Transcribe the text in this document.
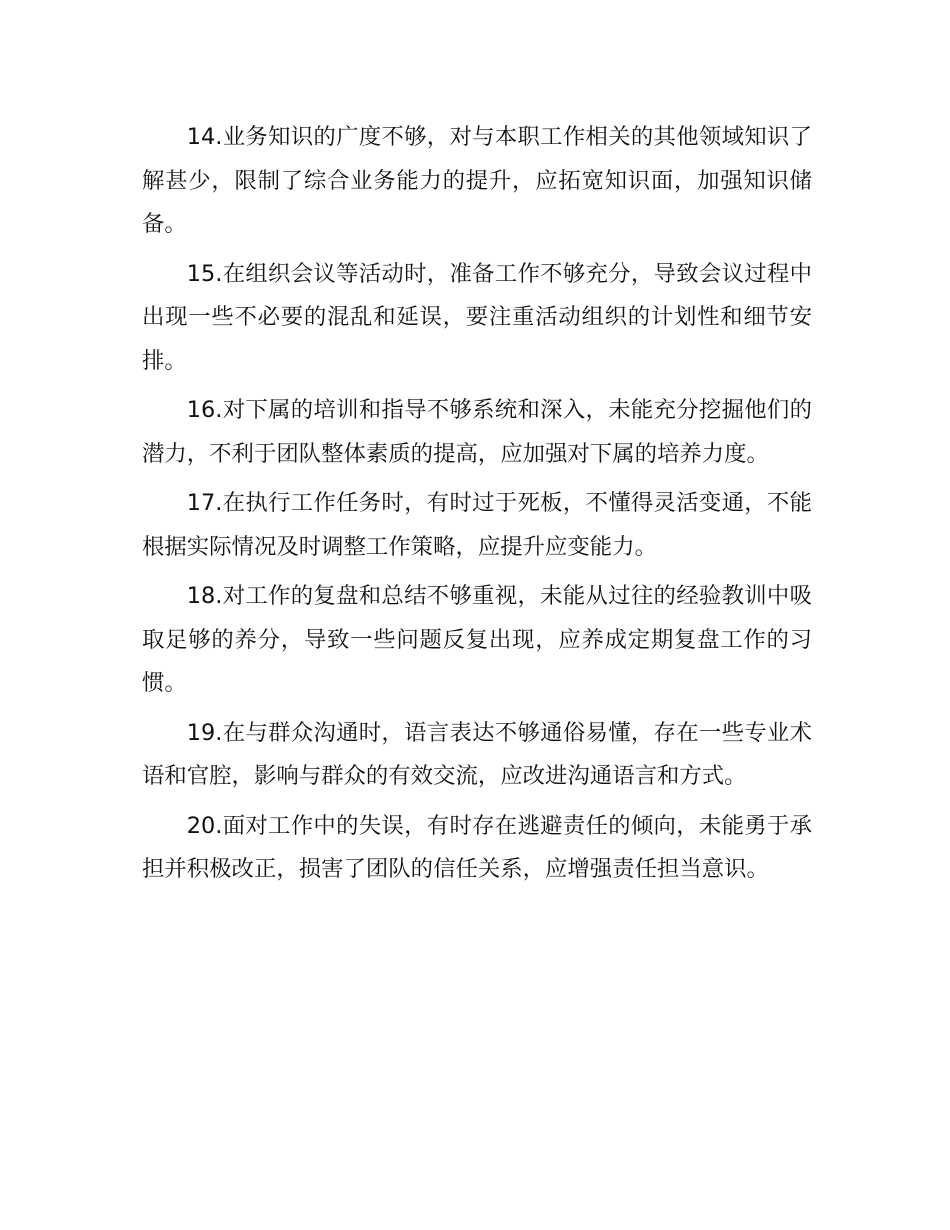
14.业务知识的广度不够，对与本职工作相关的其他领域知识了解甚少，限制了综合业务能力的提升，应拓宽知识面，加强知识储备。

15.在组织会议等活动时，准备工作不够充分，导致会议过程中出现一些不必要的混乱和延误，要注重活动组织的计划性和细节安排。

16.对下属的培训和指导不够系统和深入，未能充分挖掘他们的潜力，不利于团队整体素质的提高，应加强对下属的培养力度。

17.在执行工作任务时，有时过于死板，不懂得灵活变通，不能根据实际情况及时调整工作策略，应提升应变能力。

18.对工作的复盘和总结不够重视，未能从过往的经验教训中吸取足够的养分，导致一些问题反复出现，应养成定期复盘工作的习惯。

19.在与群众沟通时，语言表达不够通俗易懂，存在一些专业术语和官腔，影响与群众的有效交流，应改进沟通语言和方式。

20.面对工作中的失误，有时存在逃避责任的倾向，未能勇于承担并积极改正，损害了团队的信任关系，应增强责任担当意识。
